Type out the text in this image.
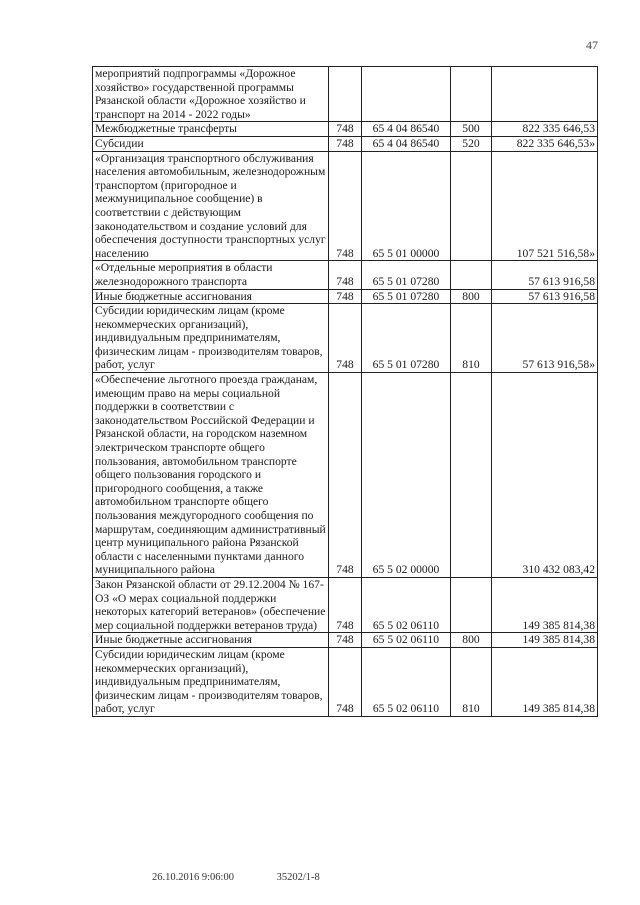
47
мероприятий подпрограммы «Дорожное хозяйство» государственной программы Рязанской области «Дорожное хозяйство и транспорт на 2014 - 2022 годы»				
Межбюджетные трансферты	748	65 4 04 86540	500	822 335 646,53
Субсидии	748	65 4 04 86540	520	822 335 646,53»
«Организация транспортного обслуживания населения автомобильным, железнодорожным транспортом (пригородное и межмуниципальное сообщение) в соответствии с действующим законодательством и создание условий для обеспечения доступности транспортных услуг населению	748	65 5 01 00000		107 521 516,58»
«Отдельные мероприятия в области железнодорожного транспорта	748	65 5 01 07280		57 613 916,58
Иные бюджетные ассигнования	748	65 5 01 07280	800	57 613 916,58
Субсидии юридическим лицам (кроме некоммерческих организаций), индивидуальным предпринимателям, физическим лицам - производителям товаров, работ, услуг	748	65 5 01 07280	810	57 613 916,58»
«Обеспечение льготного проезда гражданам, имеющим право на меры социальной поддержки в соответствии с законодательством Российской Федерации и Рязанской области, на городском наземном электрическом транспорте общего пользования, автомобильном транспорте общего пользования городского и пригородного сообщения, а также автомобильном транспорте общего пользования междугородного сообщения по маршрутам, соединяющим административный центр муниципального района Рязанской области с населенными пунктами данного муниципального района	748	65 5 02 00000		310 432 083,42
Закон Рязанской области от 29.12.2004 № 167-ОЗ «О мерах социальной поддержки некоторых категорий ветеранов» (обеспечение мер социальной поддержки ветеранов труда)	748	65 5 02 06110		149 385 814,38
Иные бюджетные ассигнования	748	65 5 02 06110	800	149 385 814,38
Субсидии юридическим лицам (кроме некоммерческих организаций), индивидуальным предпринимателям, физическим лицам - производителям товаров, работ, услуг	748	65 5 02 06110	810	149 385 814,38
26.10.2016 9:06:00	35202/1-8
